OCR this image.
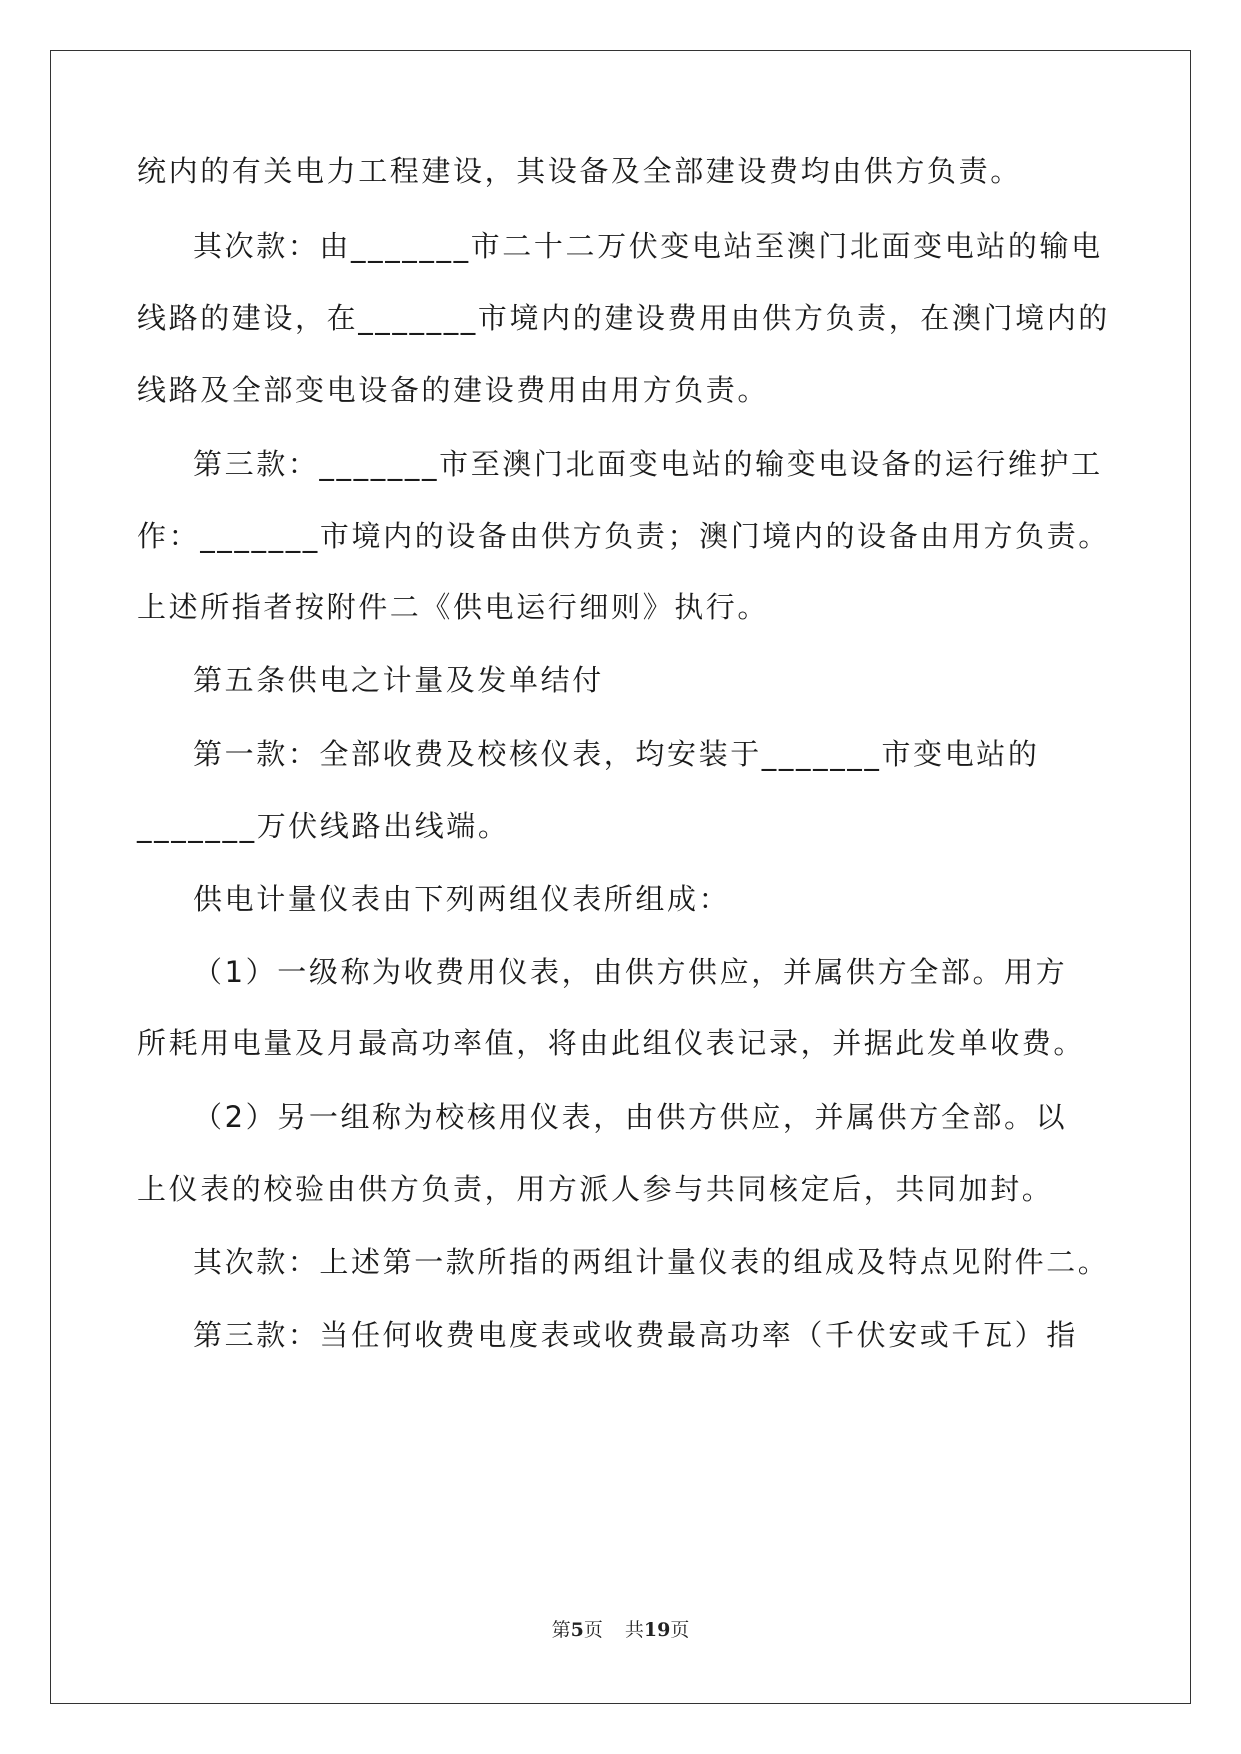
统内的有关电力工程建设，其设备及全部建设费均由供方负责。

其次款：由_______市二十二万伏变电站至澳门北面变电站的输电

线路的建设，在_______市境内的建设费用由供方负责，在澳门境内的

线路及全部变电设备的建设费用由用方负责。

第三款：_______市至澳门北面变电站的输变电设备的运行维护工

作：_______市境内的设备由供方负责；澳门境内的设备由用方负责。

上述所指者按附件二《供电运行细则》执行。

第五条供电之计量及发单结付

第一款：全部收费及校核仪表，均安装于_______市变电站的

_______万伏线路出线端。

供电计量仪表由下列两组仪表所组成：

（1）一级称为收费用仪表，由供方供应，并属供方全部。用方

所耗用电量及月最高功率值，将由此组仪表记录，并据此发单收费。

（2）另一组称为校核用仪表，由供方供应，并属供方全部。以

上仪表的校验由供方负责，用方派人参与共同核定后，共同加封。

其次款：上述第一款所指的两组计量仪表的组成及特点见附件二。

第三款：当任何收费电度表或收费最高功率（千伏安或千瓦）指

第5页 共19页
